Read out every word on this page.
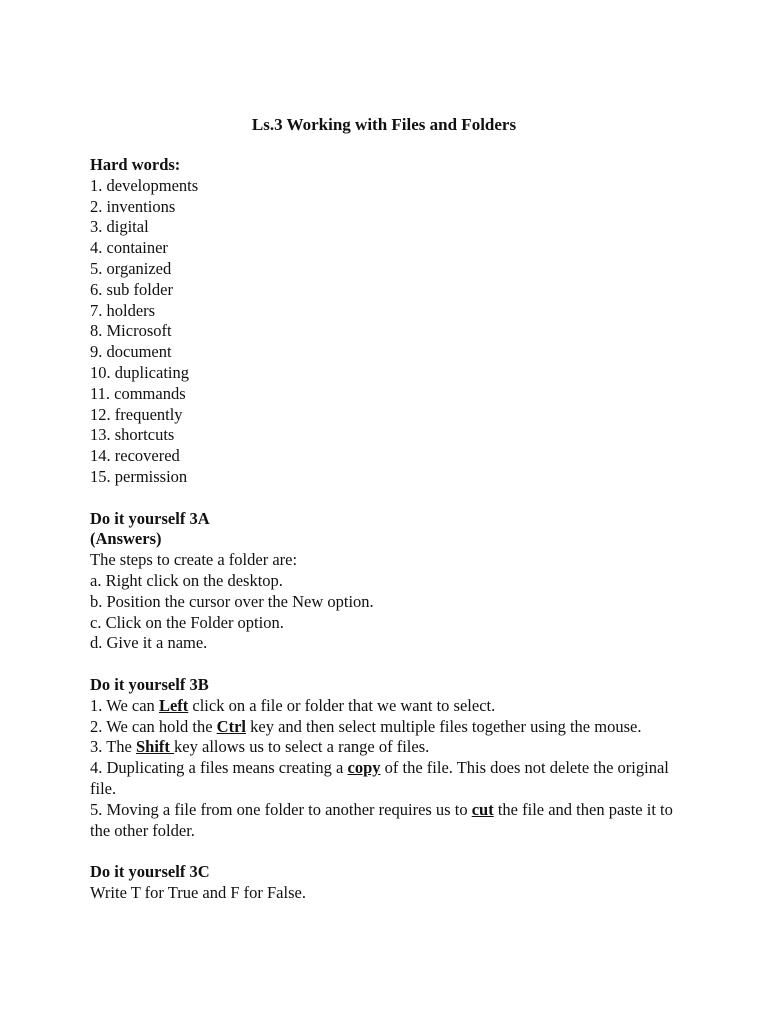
Ls.3 Working with Files and Folders
Hard words:
1. developments
2. inventions
3. digital
4. container
5. organized
6. sub folder
7. holders
8. Microsoft
9. document
10. duplicating
11. commands
12. frequently
13. shortcuts
14. recovered
15. permission
Do it yourself 3A
(Answers)
The steps to create a folder are:
a. Right click on the desktop.
b. Position the cursor over the New option.
c. Click on the Folder option.
d. Give it a name.
Do it yourself 3B
1. We can Left click on a file or folder that we want to select.
2. We can hold the Ctrl key and then select multiple files together using the mouse.
3. The Shift key allows us to select a range of files.
4. Duplicating a files means creating a copy of the file. This does not delete the original file.
5. Moving a file from one folder to another requires us to cut the file and then paste it to the other folder.
Do it yourself 3C
Write T for True and F for False.
